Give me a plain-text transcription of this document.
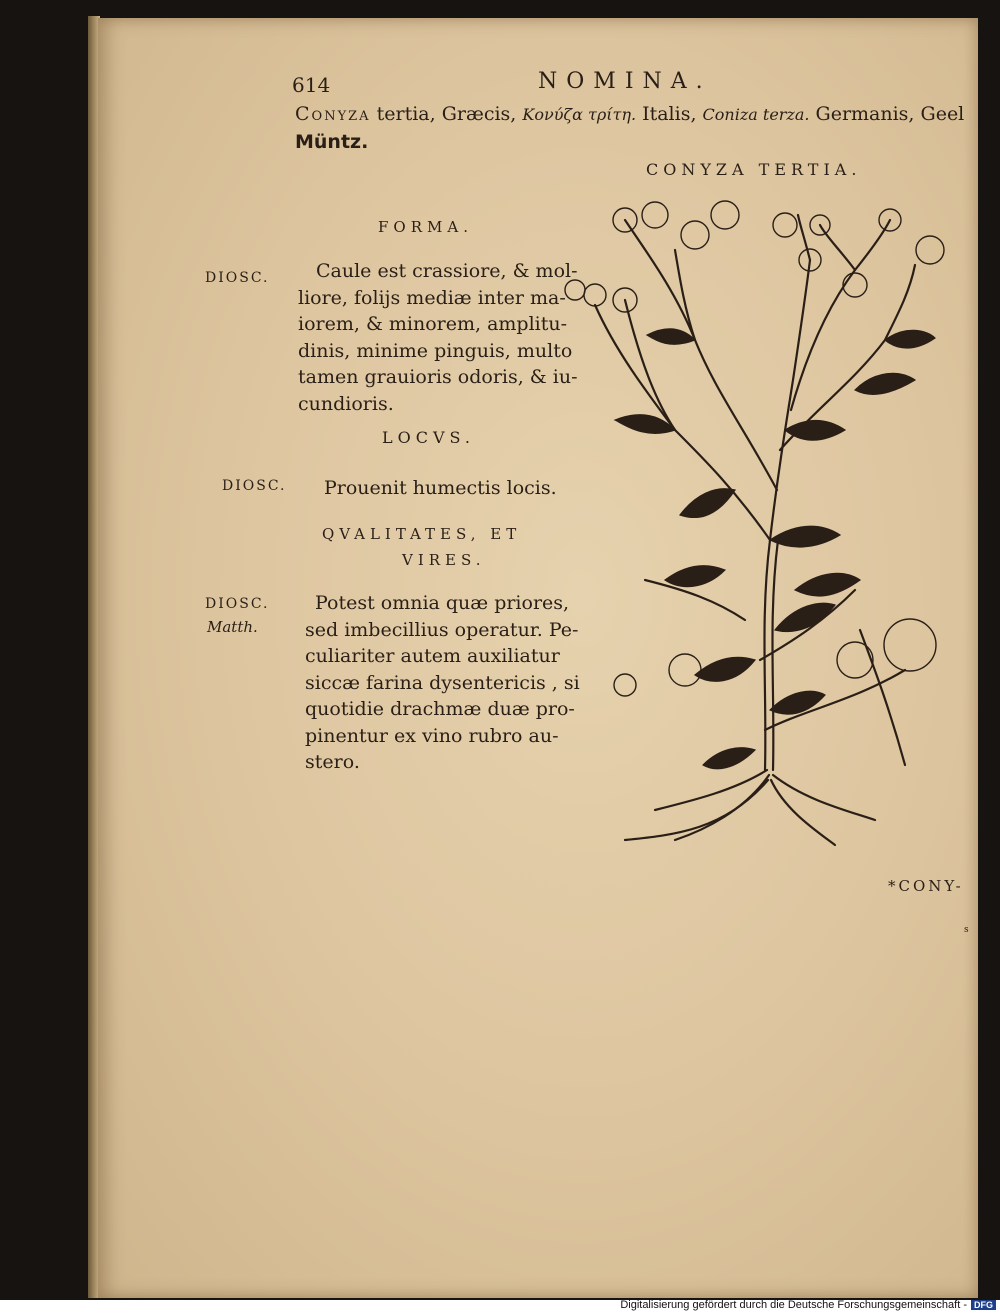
614	NOMINA.
Conyza tertia, Græcis, Κονύζα τρίτη. Italis, Coniza terza. Germanis, Geel
Müntz.
CONYZA TERTIA.
FORMA.
DIOSC.	Caule est crassiore, & mol-
liore, folijs mediæ inter ma-
iorem, & minorem, amplitu-
dinis, minime pinguis, multo
tamen grauioris odoris, & iu-
cundioris.
LOCVS.
DIOSC. Prouenit humectis locis.
QVALITATES, ET
VIRES.
DIOSC.
Matth.
Potest omnia quæ priores,
sed imbecillius operatur. Pe-
culiariter autem auxiliatur
siccæ farina dysentericis , si
quotidie drachmæ duæ pro-
pinentur ex vino rubro au-
stero.
*CONY-
s
Digitalisierung gefördert durch die Deutsche Forschungsgemeinschaft - DFG
